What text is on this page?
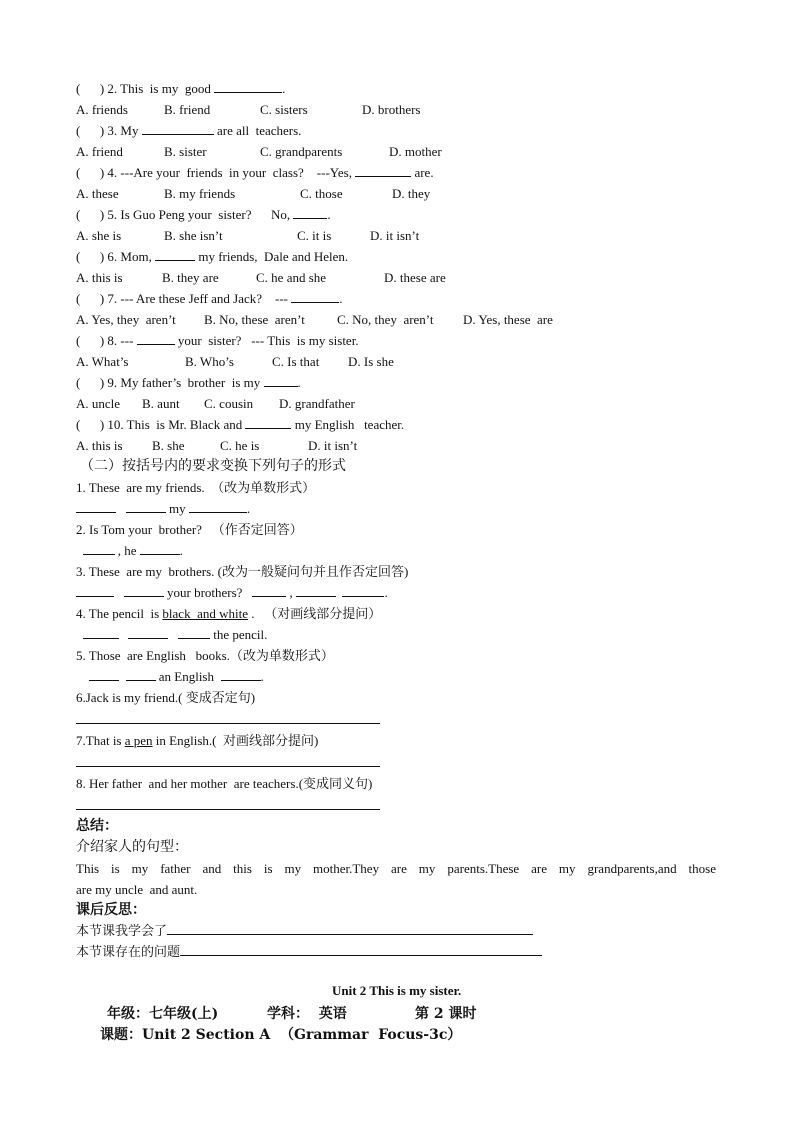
(      ) 2. This  is my  good	.
A. friends	B. friend	C. sisters	D. brothers
(      ) 3. My	are all  teachers.
A. friend	B. sister	C. grandparents	D. mother
(      ) 4. ---Are your  friends  in your  class?    ---Yes,	are.
A. these	B. my friends	C. those	D. they
(      ) 5. Is Guo Peng your  sister?      No,	.
A. she is	B. she isn’t	C. it is	D. it isn’t
(      ) 6. Mom,	my friends,  Dale and Helen.
A. this is	B. they are	C. he and she	D. these are
(      ) 7. --- Are these Jeff and Jack?    ---	.
A. Yes, they  aren’t B. No, these  aren’t C. No, they  aren’t D. Yes, these  are
(      ) 8. ---	your  sister?   --- This  is my sister.
A. What’s	B. Who’s	C. Is that D. Is she
(      ) 9. My father’s  brother  is my	.
A. uncle B. aunt C. cousin D. grandfather
(      ) 10. This  is Mr. Black and	my English   teacher.
A. this is B. she	C. he is	D. it isn’t
（二）按括号内的要求变换下列句子的形式
1. These  are my friends.  （改为单数形式）
my	.
2. Is Tom your  brother?   （作否定回答）
, he	.
3. These  are my  brothers. (改为一般疑问句并且作否定回答)
your brothers?	,	.
4. The pencil  is black  and white .   （对画线部分提问）
the pencil.
5. Those  are English   books.（改为单数形式）
an English	.
6.Jack is my friend.( 变成否定句)
7.That is a pen in English.(  对画线部分提问)
8. Her father  and her mother  are teachers.(变成同义句)
总结：
介绍家人的句型：
This is my father and this is my mother.They are my parents.These are my grandparents,and those
are my uncle  and aunt.
课后反思：
本节课我学会了
本节课存在的问题
Unit 2 This is my sister.
年级：七年级(上)          学科：  英语              第 2 课时
课题：Unit 2 Section A  （Grammar  Focus-3c）
